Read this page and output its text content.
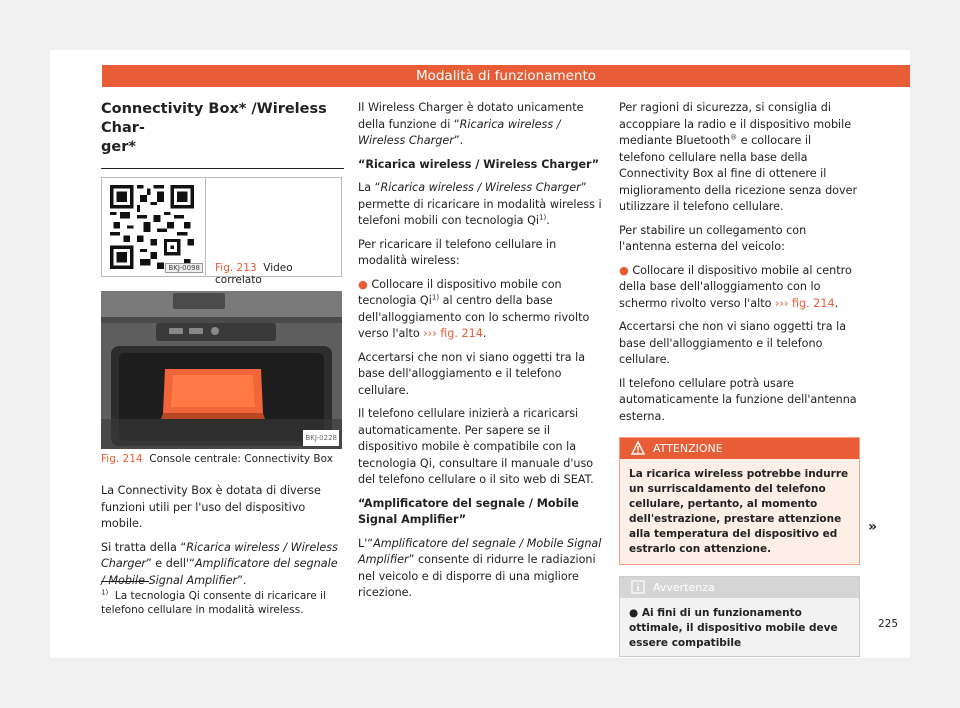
Modalità di funzionamento
Connectivity Box* /Wireless Char-
ger*
BKJ-0098 Fig. 213 Video correlato
BKJ-0228
Fig. 214 Console centrale: Connectivity Box

La Connectivity Box è dotata di diverse funzioni utili per l'uso del dispositivo mobile.

Si tratta della “Ricarica wireless / Wireless Charger” e dell'“Amplificatore del segnale / Mobile Signal Amplifier”.

Il Wireless Charger è dotato unicamente della funzione di “Ricarica wireless / Wireless Charger”.

“Ricarica wireless / Wireless Charger”

La “Ricarica wireless / Wireless Charger” permette di ricaricare in modalità wireless i telefoni mobili con tecnologia Qi$^{1)}$.

Per ricaricare il telefono cellulare in modalità wireless:

● Collocare il dispositivo mobile con tecnologia Qi$^{1)}$ al centro della base dell'alloggiamento con lo schermo rivolto verso l'alto ››› fig. 214.

Accertarsi che non vi siano oggetti tra la base dell'alloggiamento e il telefono cellulare.

Il telefono cellulare inizierà a ricaricarsi automaticamente. Per sapere se il dispositivo mobile è compatibile con la tecnologia Qi, consultare il manuale d'uso del telefono cellulare o il sito web di SEAT.

“Amplificatore del segnale / Mobile Signal Amplifier”

L'“Amplificatore del segnale / Mobile Signal Amplifier” consente di ridurre le radiazioni nel veicolo e di disporre di una migliore ricezione.

Per ragioni di sicurezza, si consiglia di accoppiare la radio e il dispositivo mobile mediante Bluetooth® e collocare il telefono cellulare nella base della Connectivity Box al fine di ottenere il miglioramento della ricezione senza dover utilizzare il telefono cellulare.

Per stabilire un collegamento con l'antenna esterna del veicolo:

● Collocare il dispositivo mobile al centro della base dell'alloggiamento con lo schermo rivolto verso l'alto ››› fig. 214.

Accertarsi che non vi siano oggetti tra la base dell'alloggiamento e il telefono cellulare.

Il telefono cellulare potrà usare automaticamente la funzione dell'antenna esterna.

ATTENZIONE
La ricarica wireless potrebbe indurre un surriscaldamento del telefono cellulare, pertanto, al momento dell'estrazione, prestare attenzione alla temperatura del dispositivo ed estrarlo con attenzione.
Avvertenza
● Ai fini di un funzionamento ottimale, il dispositivo mobile deve essere compatibile
»
$^{1)}$ La tecnologia Qi consente di ricaricare il telefono cellulare in modalità wireless.
225
